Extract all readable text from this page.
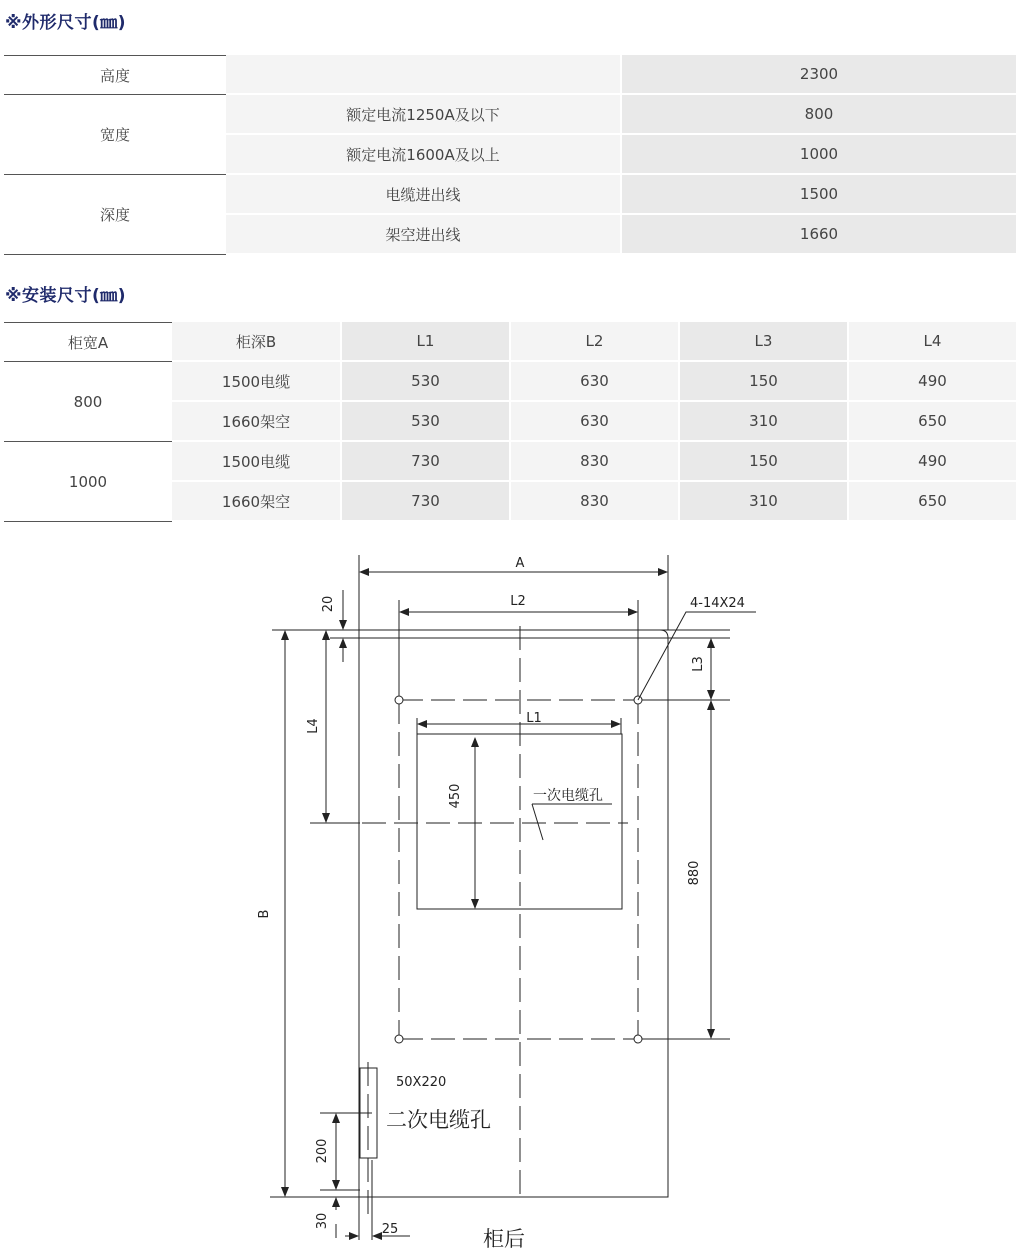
※外形尺寸(㎜)
高度		2300
宽度	额定电流1250A及以下	800
	额定电流1600A及以上	1000
深度	电缆进出线	1500
	架空进出线	1660
※安装尺寸(㎜)
柜宽A	柜深B	L1	L2	L3	L4
800	1500电缆	530	630	150	490
	1660架空	530	630	310	650
1000	1500电缆	730	830	150	490
	1660架空	730	830	310	650
A
L2
L1
4-14X24
20
L4
B
L3
880
450
200
30
25
一次电缆孔
50X220
二次电缆孔
柜后
